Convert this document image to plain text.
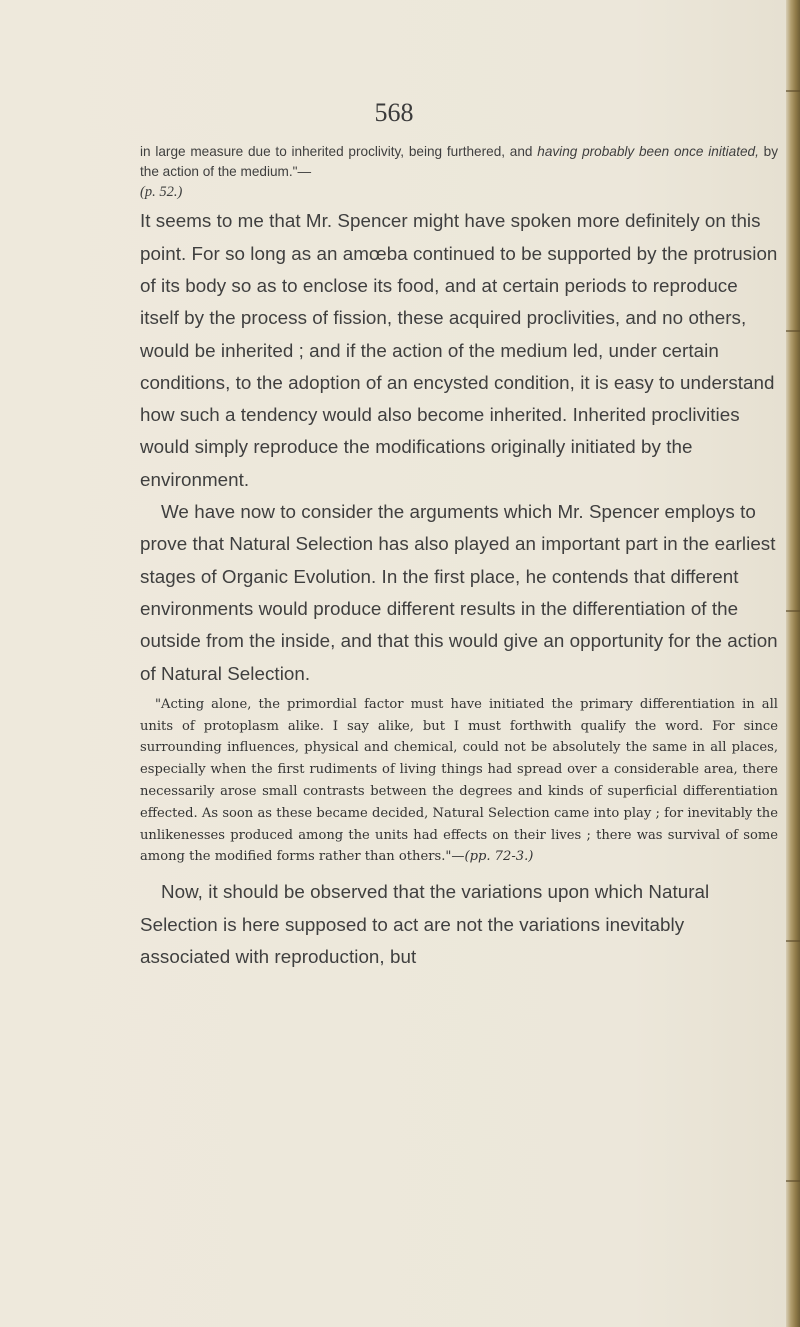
568

in large measure due to inherited proclivity, being furthered, and having probably been once initiated, by the action of the medium."—

(p. 52.)

It seems to me that Mr. Spencer might have spoken more definitely on this point. For so long as an amœba continued to be supported by the protrusion of its body so as to enclose its food, and at certain periods to reproduce itself by the process of fission, these acquired proclivities, and no others, would be inherited ; and if the action of the medium led, under certain conditions, to the adoption of an encysted condition, it is easy to understand how such a tendency would also become inherited. Inherited proclivities would simply reproduce the modifications originally initiated by the environment.

We have now to consider the arguments which Mr. Spencer employs to prove that Natural Selection has also played an important part in the earliest stages of Organic Evolution. In the first place, he contends that different environments would produce different results in the differentiation of the outside from the inside, and that this would give an opportunity for the action of Natural Selection.

"Acting alone, the primordial factor must have initiated the primary differentiation in all units of protoplasm alike. I say alike, but I must forthwith qualify the word. For since surrounding influences, physical and chemical, could not be absolutely the same in all places, especially when the first rudiments of living things had spread over a considerable area, there necessarily arose small contrasts between the degrees and kinds of superficial differentiation effected. As soon as these became decided, Natural Selection came into play ; for inevitably the unlikenesses produced among the units had effects on their lives ; there was survival of some among the modified forms rather than others."—(pp. 72-3.)

Now, it should be observed that the variations upon which Natural Selection is here supposed to act are not the variations inevitably associated with reproduction, but
